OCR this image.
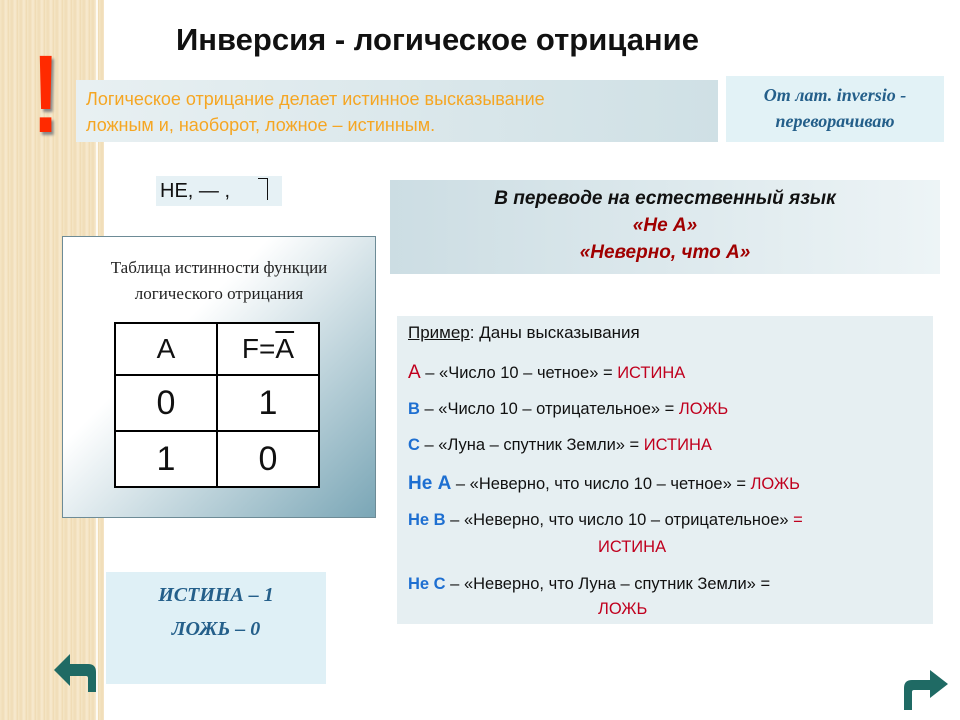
!	Инверсия - логическое отрицание
Логическое отрицание делает истинное высказывание
ложным и, наоборот, ложное – истинным.
От лат. inversio -
переворачиваю
НЕ, — ,	В переводе на естественный язык
«Не А»
«Неверно, что А»
Таблица истинности функции
логического отрицания
A	$F=\overline{A}$
0	1
1	0
Пример: Даны высказывания
А – «Число 10 – четное» = ИСТИНА
В – «Число 10 – отрицательное» = ЛОЖЬ
С – «Луна – спутник Земли» = ИСТИНА
Не А – «Неверно, что число 10 – четное» = ЛОЖЬ
Не В – «Неверно, что число 10 – отрицательное» =
ИСТИНА
Не С – «Неверно, что Луна – спутник Земли» =
ЛОЖЬ
ИСТИНА – 1
ЛОЖЬ – 0
